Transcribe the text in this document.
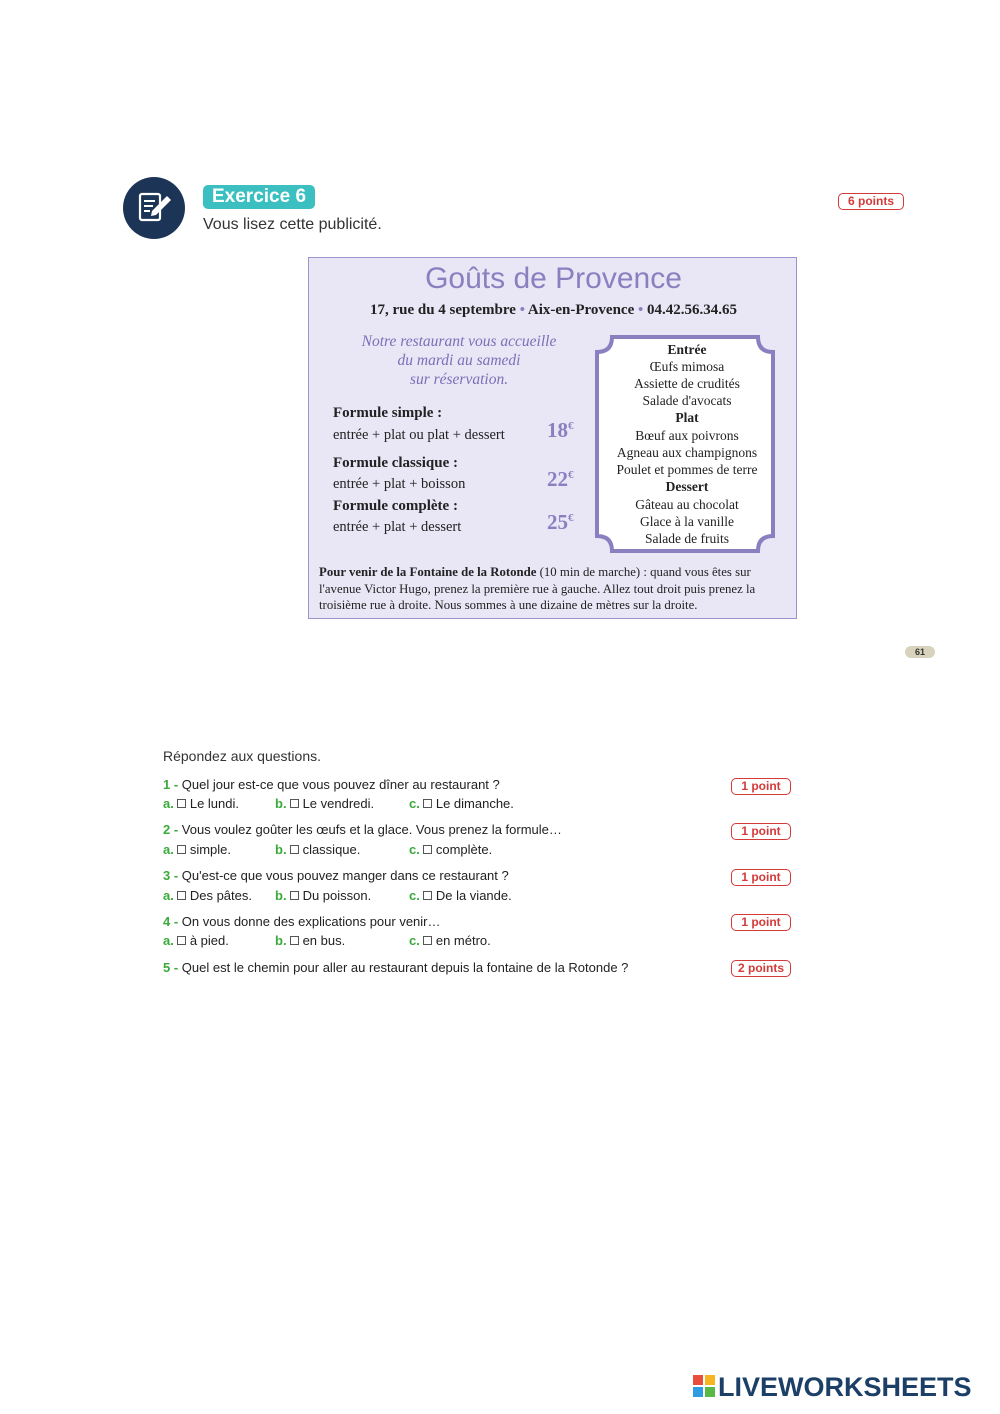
Exercice 6
Vous lisez cette publicité.
6 points
Goûts de Provence
17, rue du 4 septembre • Aix-en-Provence • 04.42.56.34.65
Notre restaurant vous accueille
du mardi au samedi
sur réservation.
Formule simple :
entrée + plat ou plat + dessert 18€
Formule classique :
entrée + plat + boisson	22€
Formule complète :
entrée + plat + dessert	25€
Entrée
Œufs mimosa
Assiette de crudités
Salade d'avocats
Plat
Bœuf aux poivrons
Agneau aux champignons
Poulet et pommes de terre
Dessert
Gâteau au chocolat
Glace à la vanille
Salade de fruits
Pour venir de la Fontaine de la Rotonde (10 min de marche) : quand vous êtes sur l'avenue Victor Hugo, prenez la première rue à gauche. Allez tout droit puis prenez la troisième rue à droite. Nous sommes à une dizaine de mètres sur la droite.
61
Répondez aux questions.
1 - Quel jour est-ce que vous pouvez dîner au restaurant ?	1 point
a. Le lundi.	b. Le vendredi.	c. Le dimanche.
2 - Vous voulez goûter les œufs et la glace. Vous prenez la formule…	1 point
a. simple.	b. classique.	c. complète.
3 - Qu'est-ce que vous pouvez manger dans ce restaurant ?	1 point
a. Des pâtes. b. Du poisson.	c. De la viande.
4 - On vous donne des explications pour venir…	1 point
a. à pied.	b. en bus.	c. en métro.
5 - Quel est le chemin pour aller au restaurant depuis la fontaine de la Rotonde ?	2 points
LIVEWORKSHEETS
